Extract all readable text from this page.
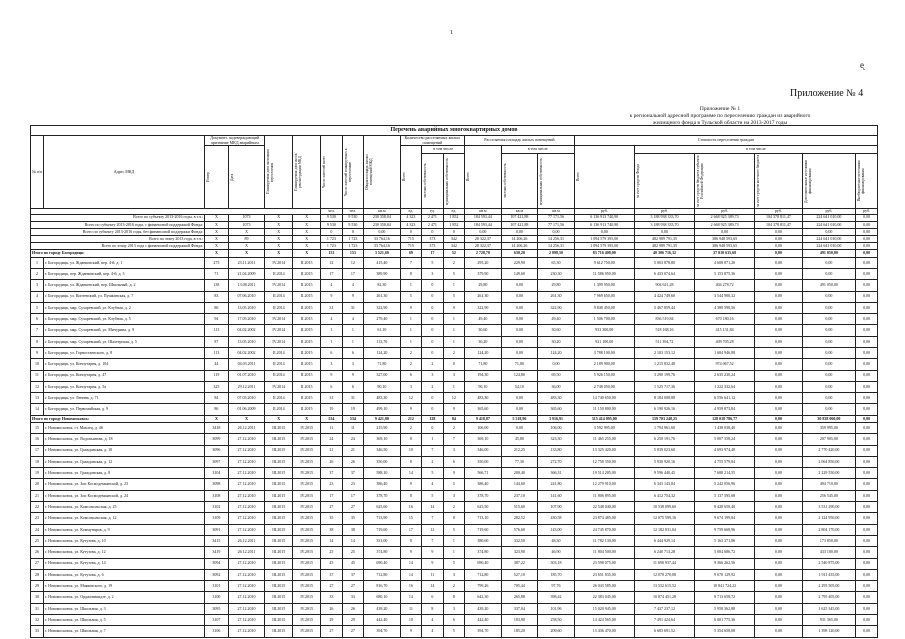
1
ᶒ
Приложение № 4
Приложение № 1
к региональной адресной программе по переселению граждан из аварийного
жилищного фонда в Тульской области на 2013-2017 годы
Перечень аварийных многоквартирных домов																				
№ п/п	Адрес МКД	Документ, подтверждающий признание МКД аварийным		Планируемая дата окончания переселения	Планируемая дата сноса/ реконструкции МКД	Число жителей всего	Число жителей планируемых к переселению	Общая площадь жилых помещений МКД	Количество расселяемых жилых помещений			Расселяемая площадь жилых помещений			Стоимость переселения граждан					

		Номер	Дата						Всего	в том числе		Всего	в том числе		Всего	в том числе				

										частная собственность	муниципальная собственность		частная собственность	муниципальная собственность		за счет средств Фонда	за счет средств бюджета субъекта Российской Федерации	за счет средств местного бюджета	Дополнительные источники финансирования	Внебюджетные источники финансирования

						чел.	чел.	кв.м	ед.	ед.	ед.	кв.м	кв.м	кв.м	руб.	руб.	руб.	руб.	руб.	руб.
Всего по субъекту 2013-2016 годы, в т.ч.:		X	1073	X	X	9 530	9 530	230 358,04	4 323	2 471	1 852	184 593,44	107 421,88	77 171,56	6 136 913 740,90	3 188 938 333,70	2 668 925 389,73	104 378 811,47	224 641 010,00	0,00
Всего по субъекту 2013-2016 годы, с финансовой поддержкой Фонда:		X	1073	X	X	9 530	9 530	230 358,04	4 323	2 471	1 852	184 593,44	107 421,88	77 171,56	6 136 913 740,90	3 188 938 333,70	2 668 925 389,73	104 378 811,47	224 641 010,00	0,00
Всего по субъекту 2013-2016 годы, без финансовой поддержки Фонда:		X	X	X	X	0	0	0,00	0	0	0	0,00	0,00	0,00	0,00	0,00	0,00	0,00	0,00	0,00
Всего по этапу 2013 года, в т.ч.:		X	89	X	X	1 723	1 723	33 764,16	715	373	342	28 322,37	14 206,26	14 256,31	1 094 579 395,00	482 989 791,35	386 948 593,65	0,00	224 641 010,00	0,00
Всего по этапу 2013 года с финансовой поддержкой Фонда:		X	X	X	X	1 723	1 723	33 764,16	715	373	342	28 322,37	14 206,26	14 256,31	1 094 579 395,00	482 989 791,35	386 948 593,65	0,00	224 641 010,00	0,00
Итого по городу Богородицк:		X	X	X	X	153	153	3 521,60	69	17	52	2 728,70	630,20	2 098,50	83 716 408,00	40 306 716,32	37 010 635,68	0,00	491 050,00	0,00
1	г. Богородицк, ул. Жданковский, пер. 4-й, д. 1	275	23.11.2011	IV.2014	II.2015	12	12	415,40	7	5	2	295,20	229,90	65,30	9 612 750,00	5 003 878,80	4 608 871,20	0,00	0,00	0,00
2	г. Богородицк, пер. Жданковский, пер. 4-й, д. 3	71	21.04.2009	II.2014	II.2015	17	17	389,90	8	3	5	379,90	149,60	230,30	11 586 950,00	6 433 074,64	5 153 875,36	0,00	0,00	0,00
3	г. Богородицк, ул. Жданковский, пер. Школьный, д. 2	138	13.08.2011	IV.2014	II.2015	4	4	82,30	1	0	1	29,80	0,00	29,80	1 399 950,00	904 621,28	404 278,72	0,00	491 050,00	0,00
4	г. Богородицк, ул. Коптевский, ул. Пушкинская, д. 7	83	07.06.2010	II.2014	II.2015	9	9	261,30	5	0	5	261,30	0,00	261,30	7 969 650,00	4 424 749,60	3 544 900,32	0,00	0,00	0,00
5	г. Богородицк, мкр. Сухаревский, ул. Клубная, д. 2	86	13.05.2010	II.2014	II.2015	31	31	322,90	9	0	9	322,90	0,00	322,90	9 848 450,00	5 467 859,44	4 380 590,56	0,00	0,00	0,00
6	г. Богородицк, мкр. Сухаревский, ул. Клубная, д. 5	94	17.05.2010	IV.2014	II.2015	4	4	279,40	1	0	1	49,40	0,00	49,40	1 506 700,00	836 519,84	670 180,16	0,00	0,00	0,00
7	г. Богородицк, мкр. Сухаревский, ул. Мичурина, д. 9	113	04.02.2002	IV.2014	II.2015	1	1	61,10	1	0	1	30,60	0,00	30,60	933 300,00	518 168,16	415 131,84	0,00	0,00	0,00
8	г. Богородицк, мкр. Сухаревский, ул. Шахтерская, д. 5	87	13.05.2010	IV.2014	II.2015	1	1	113,70	1	0	1	30,20	0,00	30,20	921 100,00	511 394,72	409 705,28	0,00	0,00	0,00
9	г. Богородицк, ул. Горностаевского, д. 8	113	04.02.2002	II.2014	II.2015	6	6	124,20	2	0	2	124,20	0,00	124,20	3 788 100,00	2 103 153,12	1 684 946,88	0,00	0,00	0,00
10	г. Богородицк, ул. Конпутарня, д. 104	44	04.03.2011	II.2014	II.2015	3	3	71,80	2	2	0	71,80	71,80	0,00	2 189 900,00	1 215 832,48	974 067,52	0,00	0,00	0,00
11	г. Богородицк, ул. Конпутарня, д. 47	119	01.07.2010	II.2014	II.2015	9	9	327,00	6	3	3	194,30	124,80	69,50	5 926 150,00	3 290 199,76	2 635 230,24	0,00	0,00	0,00
12	г. Богородицк, ул. Конпутарня, д. 5а	325	29.12.2011	IV.2014	II.2015	6	6	90,10	3	2	1	90,10	54,10	36,00	2 748 050,00	1 525 717,36	1 222 332,64	0,00	0,00	0,00
13	г. Богородицк, ул. Ленина, д. 71	84	07.05.2010	II.2014	II.2015	31	31	483,30	12	0	12	483,30	0,00	483,30	14 740 650,00	8 184 008,88	6 556 641,12	0,00	0,00	0,00
14	г. Богородицк, ул. Первомайская, д. 9	86	01.06.2009	II.2014	II.2015	19	19	499,10	9	0	9	365,60	0,00	365,60	11 150 800,00	6 190 926,16	4 959 873,84	0,00	0,00	0,00
Итого по городу Новомосковск:		X	X	X	X	534	534	9 421,00	212	128	84	9 418,87	5 518,96	3 916,91	315 414 095,00	159 703 248,25	128 018 786,77	0,00	30 838 060,00	0,00
15	г. Новомосковск, ст. Маклец, д. 46	3418	26.12.2011	III.2015	IV.2015	11	11	215,90	2	0	2	106,00	0,00	106,00	3 592 995,00	1 794 961,60	1 438 038,40	0,00	359 995,00	0,00
16	г. Новомосковск, ул. Водопьянова, д. 18	3099	27.12.2010	III.2015	IV.2015	24	24	369,10	8	1	7	369,10	45,80	323,30	11 465 255,00	6 250 191,76	5 007 358,24	0,00	207 905,00	0,00
17	г. Новомосковск, ул. Гражданская, д. 10	3096	27.12.2010	III.2015	IV.2015	21	21	346,50	10	7	3	346,00	212,25	133,80	13 325 420,00	5 839 023,60	4 693 974,40	0,00	2 770 420,00	0,00
18	г. Новомосковск, ул. Гражданская, д. 12	3097	27.12.2010	III.2015	IV.2015	26	26	350,00	8	2	6	350,00	77,30	272,70	12 758 350,00	5 930 920,16	4 755 579,84	0,00	2 064 850,00	0,00
19	г. Новомосковск, ул. Гражданская, д. 8	3104	27.12.2010	III.2015	IV.2015	37	37	588,10	14	5	9	566,71	200,40	366,31	19 514 205,00	9 596 440,45	7 688 214,55	0,00	2 229 550,00	0,00
20	г. Новомосковск, ул. Зои Космодемьянской, д. 23	3098	27.12.2010	III.2015	IV.2015	23	23	386,40	9	4	5	386,40	144,60	241,80	12 279 910,00	6 343 143,84	5 242 056,96	0,00	494 710,00	0,00
21	г. Новомосковск, ул. Зои Космодемьянской, д. 24	3108	27.12.2010	III.2015	IV.2015	17	17	378,70	8	5	3	378,70	237,10	141,60	11 806 895,00	6 412 754,32	5 137 595,68	0,00	256 545,00	0,00
22	г. Новомосковск, ул. Комсомольская, д. 25	3102	27.12.2010	III.2015	IV.2015	27	27	625,60	16	14	2	625,50	515,60	107,90	22 548 040,00	10 538 099,60	8 428 650,40	0,00	3 531 290,00	0,00
23	г. Новомосковск, ул. Комсомольская, д. 12	3109	27.12.2010	III.2015	IV.2015	35	35	713,90	15	7	8	713,10	282,52	430,58	23 874 485,00	12 075 599,16	9 674 199,84	0,00	2 124 950,00	0,00
24	г. Новомосковск, ул. Коммунаров, д. 9	3091	27.12.2010	III.2015	IV.2015	38	38	719,60	17	12	5	719,60	576,60	143,00	24 745 870,00	12 182 031,04	9 759 668,96	0,00	2 804 170,00	0,00
25	г. Новомосковск, ул. Кутузова, д. 10	3415	26.12.2011	III.2015	IV.2015	14	14	331,00	8	7	1	380,60	332,50	48,30	11 782 130,00	6 444 929,14	5 163 371,86	0,00	173 850,00	0,00
26	г. Новомосковск, ул. Кутузова, д. 12	3419	26.12.2011	III.2015	IV.2015	25	25	374,80	9	9	1	374,80	323,90	46,90	11 804 500,00	6 240 713,28	5 004 686,72	0,00	433 100,00	0,00
27	г. Новомосковск, ул. Кутузова, д. 14	3094	27.12.2010	III.2015	IV.2015	45	45	690,40	14	9	5	690,40	387,22	303,18	23 598 075,00	11 690 937,44	9 366 262,56	0,00	2 540 875,00	0,00
28	г. Новомосковск, ул. Кутузова, д. 6	3092	27.12.2010	III.2015	IV.2015	37	37	712,80	14	11	3	712,80	527,10	185,70	23 651 835,00	12 070 270,08	9 670 129,92	0,00	1 911 435,00	0,00
29	г. Новомосковск, ул. Маяковского, д. 19	3101	27.12.2010	III.2015	IV.2015	27	27	816,70	16	14	2	799,26	705,44	97,76	26 043 585,00	13 532 615,52	10 841 724,22	0,00	2 295 505,00	0,00
30	г. Новомосковск, ул. Орджоникидзе, д. 2	3100	27.12.2010	III.2015	IV.2015	33	33	680,10	14	6	8	642,30	265,88	398,42	22 383 045,00	10 874 451,28	8 713 658,72	0,00	2 795 405,00	0,00
31	г. Новомосковск, ул. Школьная, д. 3	3095	27.12.2010	III.2015	IV.2015	26	26	439,20	11	8	3	439,20	337,04	101,96	15 020 945,00	7 437 237,12	5 958 362,88	0,00	1 625 345,00	0,00
32	г. Новомосковск, ул. Школьная, д. 5	3107	27.12.2010	III.2015	IV.2015	29	29	442,40	10	4	6	442,40	183,90	258,50	14 424 565,00	7 491 424,64	6 001 775,36	0,00	931 365,00	0,00
33	г. Новомосковск, ул. Школьная, д. 7	3106	27.12.2010	III.2015	IV.2015	27	27	394,70	9	4	5	394,70	185,20	209,60	13 436 470,00	6 683 691,52	5 354 658,08	0,00	1 398 120,00	0,00
